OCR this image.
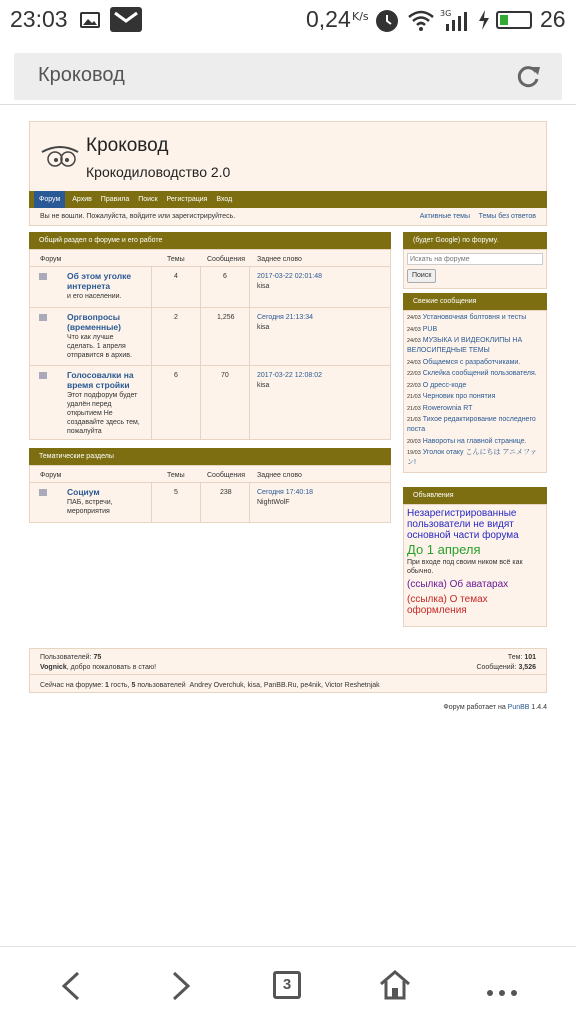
23:03	0,24 K/s	3G	26
Кроковод
Кроковод
Крокодиловодство 2.0
Форум Архив Правила Поиск Регистрация Вход
Вы не вошли. Пожалуйста, войдите или зарегистрируйтесь.	Активные темы Темы без ответов
Общий раздел о форуме и его работе
Форум	Темы	Сообщения Заднее слово
Об этом уголке интернета
и его населении.
4	6	2017-03-22 02:01:48
kisa
Оргвопросы (временные)
Что как лучше сделать. 1 апреля отправится в архив.
2	1,256	Сегодня 21:13:34
kisa
Голосовалки на время стройки
Этот подфорум будет удалён перед открытием Не создавайте здесь тем, пожалуйта
6	70	2017-03-22 12:08:02
kisa
Тематические разделы
Форум	Темы	Сообщения Заднее слово
Социум
ПАБ, встречи, мероприятия
5	238	Сегодня 17:40:18
NightWolF
(будет Google) по форуму.
Искать на форуме
Поиск
Свежие сообщения
24/03 Установочная болтовня и тесты
24/03 PUB
24/03 МУЗЫКА И ВИДЕОКЛИПЫ НА ВЕЛОСИПЕДНЫЕ ТЕМЫ
24/03 Общаемся с разработчиками.
22/03 Склейка сообщений пользователя.
22/03 О дресс-коде
21/03 Черновик про понятия
21/03 Rowerownia RT
21/03 Тихое редактирование последнего поста
20/03 Навороты на главной странице.
19/03 Уголок отаку こんにちは アニメファン!
Объявления
Незарегистрированные пользователи не видят основной части форума
До 1 апреля
При входе под своим ником всё как обычно.
(ссылка) Об аватарах
(ссылка) О темах оформления
Пользователей: 75
Vognick, добро пожаловать в стаю!
Тем: 101
Сообщений: 3,526
Сейчас на форуме: 1 гость, 5 пользователей Andrey Overchuk, kisa, PanBB.Ru, pe4nik, Victor Reshetnjak
Форум работает на PunBB 1.4.4
3
